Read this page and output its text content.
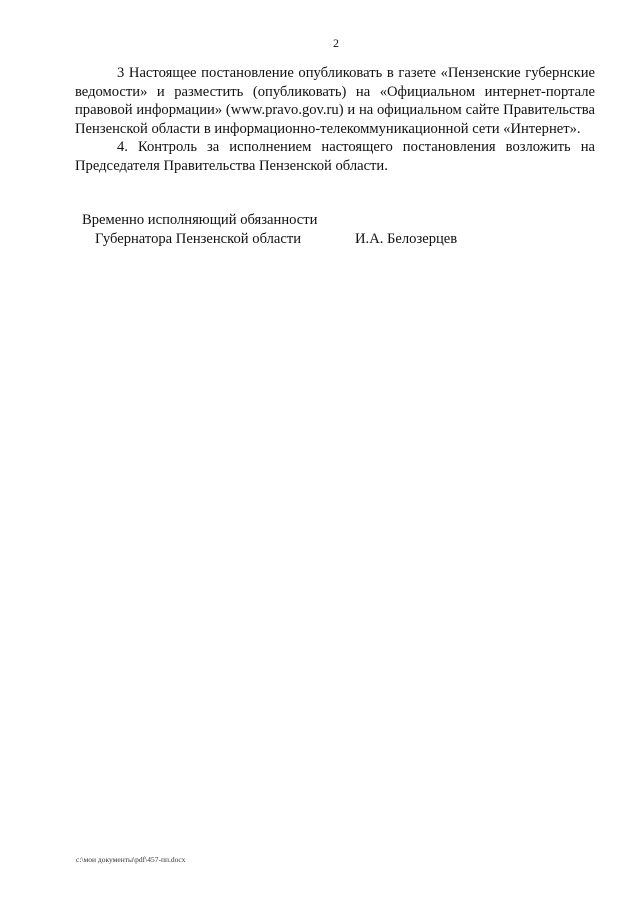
2

3 Настоящее постановление опубликовать в газете «Пензенские губернские ведомости» и разместить (опубликовать) на «Официальном интернет-портале правовой информации» (www.pravo.gov.ru) и на официальном сайте Правительства Пензенской области в информационно-телекоммуникационной сети «Интернет».

4. Контроль за исполнением настоящего постановления возложить на Председателя Правительства Пензенской области.

Временно исполняющий обязанности
Губернатора Пензенской области	И.А. Белозерцев
c:\мои документы\pdf\457-пп.docx
